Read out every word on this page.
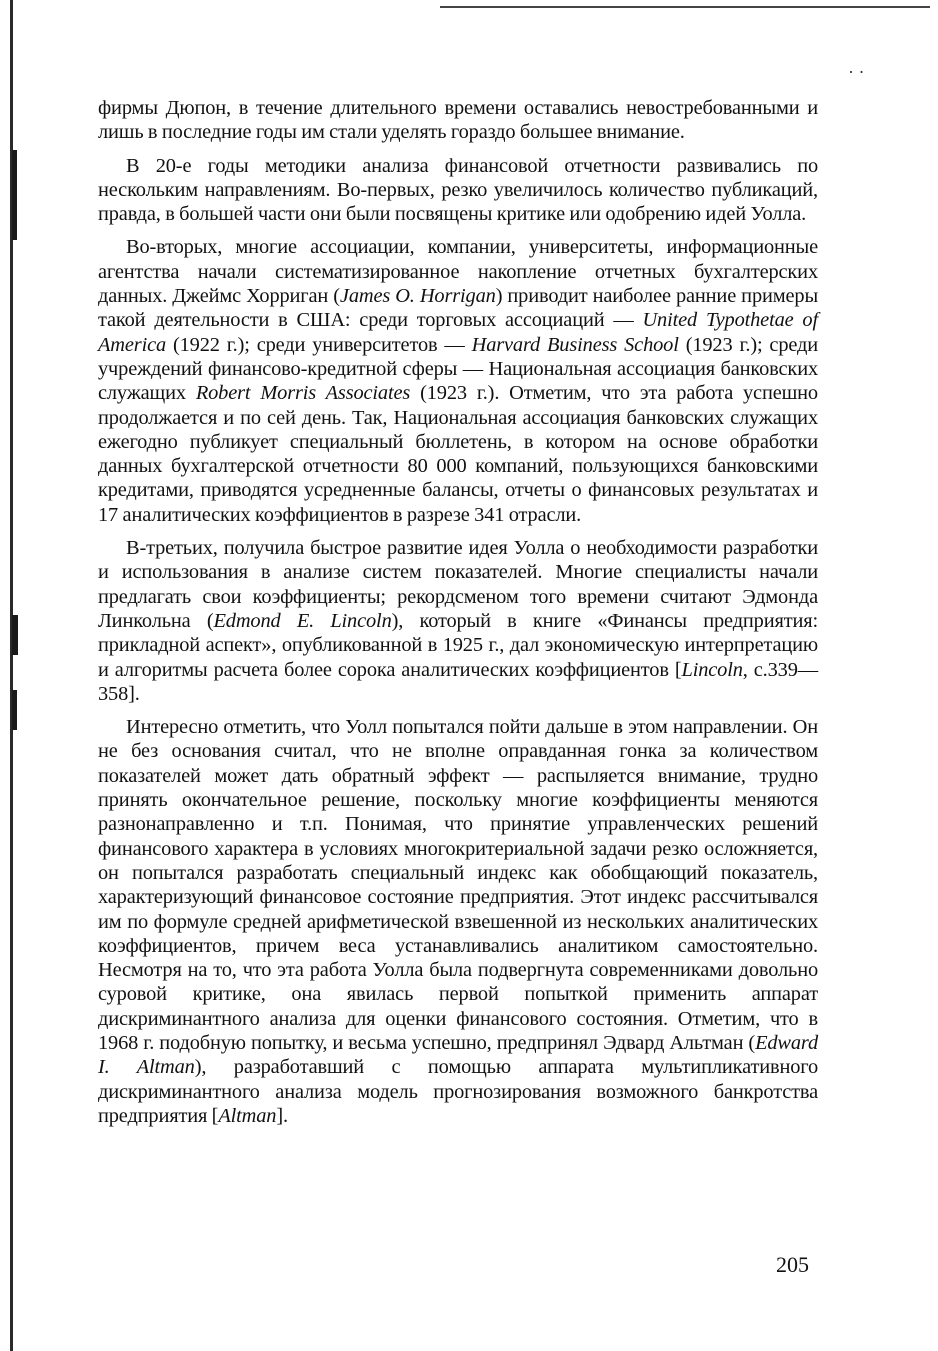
· ·

фирмы Дюпон, в течение длительного времени оставались невостребованными и лишь в последние годы им стали уделять гораздо большее внимание.

В 20-е годы методики анализа финансовой отчетности развивались по нескольким направлениям. Во-первых, резко увеличилось количество публикаций, правда, в большей части они были посвящены критике или одобрению идей Уолла.

Во-вторых, многие ассоциации, компании, университеты, информационные агентства начали систематизированное накопление отчетных бухгалтерских данных. Джеймс Хорриган (James O. Horrigan) приводит наиболее ранние примеры такой деятельности в США: среди торговых ассоциаций — United Typothetae of America (1922 г.); среди университетов — Harvard Business School (1923 г.); среди учреждений финансово-кредитной сферы — Национальная ассоциация банковских служащих Robert Morris Associates (1923 г.). Отметим, что эта работа успешно продолжается и по сей день. Так, Национальная ассоциация банковских служащих ежегодно публикует специальный бюллетень, в котором на основе обработки данных бухгалтерской отчетности 80 000 компаний, пользующихся банковскими кредитами, приводятся усредненные балансы, отчеты о финансовых результатах и 17 аналитических коэффициентов в разрезе 341 отрасли.

В-третьих, получила быстрое развитие идея Уолла о необходимости разработки и использования в анализе систем показателей. Многие специалисты начали предлагать свои коэффициенты; рекордсменом того времени считают Эдмонда Линкольна (Edmond E. Lincoln), который в книге «Финансы предприятия: прикладной аспект», опубликованной в 1925 г., дал экономическую интерпретацию и алгоритмы расчета более сорока аналитических коэффициентов [Lincoln, с.339—358].

Интересно отметить, что Уолл попытался пойти дальше в этом направлении. Он не без основания считал, что не вполне оправданная гонка за количеством показателей может дать обратный эффект — распыляется внимание, трудно принять окончательное решение, поскольку многие коэффициенты меняются разнонаправленно и т.п. Понимая, что принятие управленческих решений финансового характера в условиях многокритериальной задачи резко осложняется, он попытался разработать специальный индекс как обобщающий показатель, характеризующий финансовое состояние предприятия. Этот индекс рассчитывался им по формуле средней арифметической взвешенной из нескольких аналитических коэффициентов, причем веса устанавливались аналитиком самостоятельно. Несмотря на то, что эта работа Уолла была подвергнута современниками довольно суровой критике, она явилась первой попыткой применить аппарат дискриминантного анализа для оценки финансового состояния. Отметим, что в 1968 г. подобную попытку, и весьма успешно, предпринял Эдвард Альтман (Edward I. Altman), разработавший с помощью аппарата мультипликативного дискриминантного анализа модель прогнозирования возможного банкротства предприятия [Altman].

205
